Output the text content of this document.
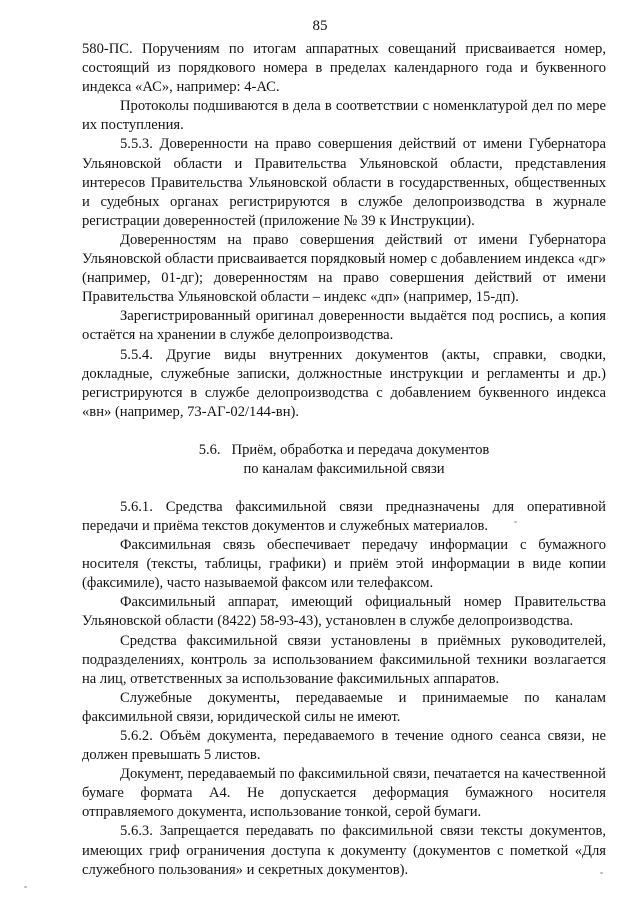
85

580-ПС. Поручениям по итогам аппаратных совещаний присваивается номер, состоящий из порядкового номера в пределах календарного года и буквенного индекса «АС», например: 4-АС.

Протоколы подшиваются в дела в соответствии с номенклатурой дел по мере их поступления.

5.5.3. Доверенности на право совершения действий от имени Губернатора Ульяновской области и Правительства Ульяновской области, представления интересов Правительства Ульяновской области в государственных, общественных и судебных органах регистрируются в службе делопроизводства в журнале регистрации доверенностей (приложение № 39 к Инструкции).

Доверенностям на право совершения действий от имени Губернатора Ульяновской области присваивается порядковый номер с добавлением индекса «дг» (например, 01-дг); доверенностям на право совершения действий от имени Правительства Ульяновской области – индекс «дп» (например, 15-дп).

Зарегистрированный оригинал доверенности выдаётся под роспись, а копия остаётся на хранении в службе делопроизводства.

5.5.4. Другие виды внутренних документов (акты, справки, сводки, докладные, служебные записки, должностные инструкции и регламенты и др.) регистрируются в службе делопроизводства с добавлением буквенного индекса «вн» (например, 73-АГ-02/144-вн).

5.6.   Приём, обработка и передача документов
по каналам факсимильной связи

5.6.1. Средства факсимильной связи предназначены для оперативной передачи и приёма текстов документов и служебных материалов.

Факсимильная связь обеспечивает передачу информации с бумажного носителя (тексты, таблицы, графики) и приём этой информации в виде копии (факсимиле), часто называемой факсом или телефаксом.

Факсимильный аппарат, имеющий официальный номер Правительства Ульяновской области (8422) 58-93-43), установлен в службе делопроизводства.

Средства факсимильной связи установлены в приёмных руководителей, подразделениях, контроль за использованием факсимильной техники возлагается на лиц, ответственных за использование факсимильных аппаратов.

Служебные документы, передаваемые и принимаемые по каналам факсимильной связи, юридической силы не имеют.

5.6.2. Объём документа, передаваемого в течение одного сеанса связи, не должен превышать 5 листов.

Документ, передаваемый по факсимильной связи, печатается на качественной бумаге формата А4. Не допускается деформация бумажного носителя отправляемого документа, использование тонкой, серой бумаги.

5.6.3. Запрещается передавать по факсимильной связи тексты документов, имеющих гриф ограничения доступа к документу (документов с пометкой «Для служебного пользования» и секретных документов).
